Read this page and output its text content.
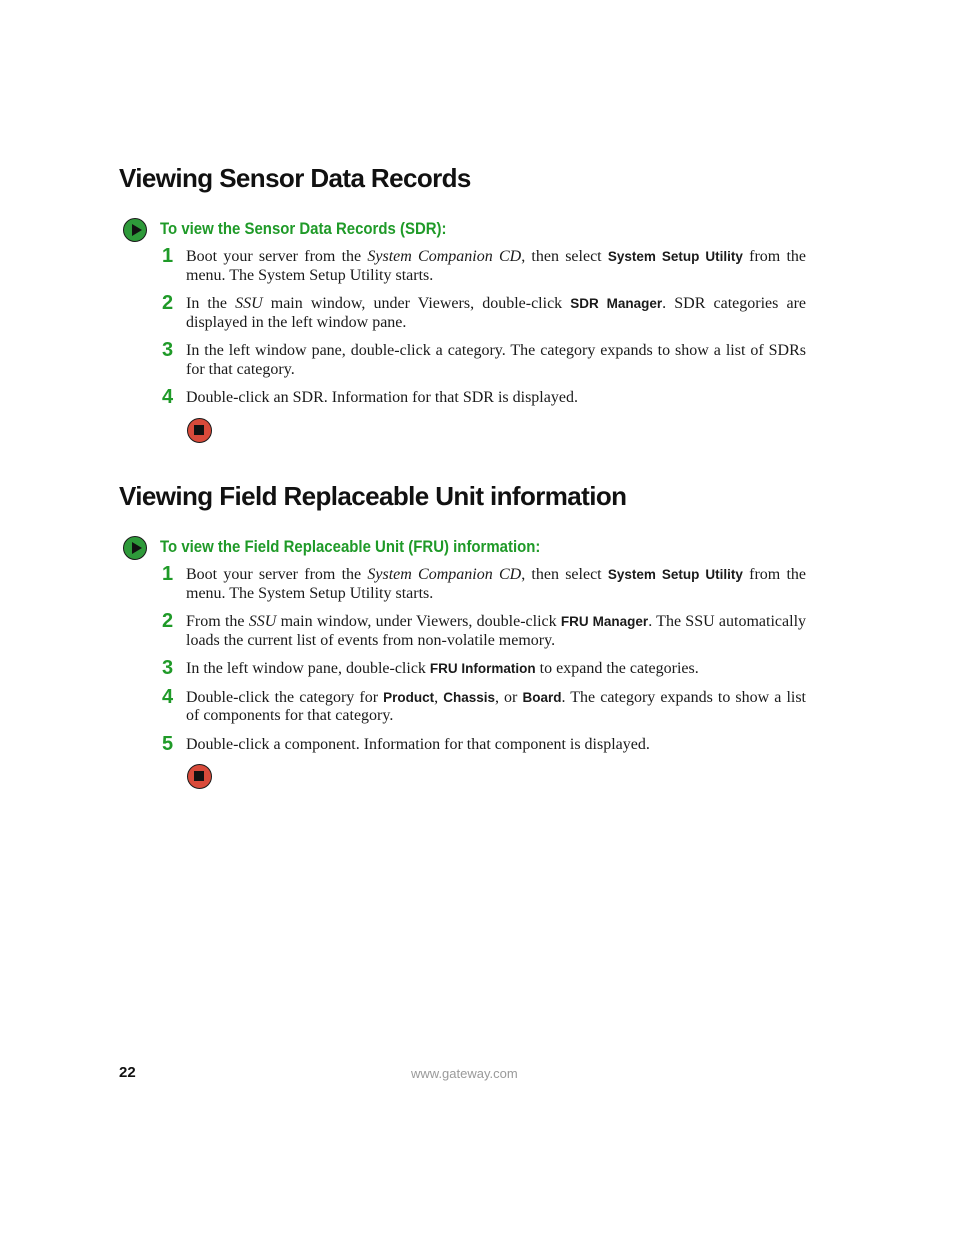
Viewing Sensor Data Records
To view the Sensor Data Records (SDR):
1 Boot your server from the System Companion CD, then select System Setup Utility from the menu. The System Setup Utility starts.
2 In the SSU main window, under Viewers, double-click SDR Manager. SDR categories are displayed in the left window pane.
3 In the left window pane, double-click a category. The category expands to show a list of SDRs for that category.
4 Double-click an SDR. Information for that SDR is displayed.
Viewing Field Replaceable Unit information
To view the Field Replaceable Unit (FRU) information:
1 Boot your server from the System Companion CD, then select System Setup Utility from the menu. The System Setup Utility starts.
2 From the SSU main window, under Viewers, double-click FRU Manager. The SSU automatically loads the current list of events from non-volatile memory.
3 In the left window pane, double-click FRU Information to expand the categories.
4 Double-click the category for Product, Chassis, or Board. The category expands to show a list of components for that category.
5 Double-click a component. Information for that component is displayed.
22	www.gateway.com
